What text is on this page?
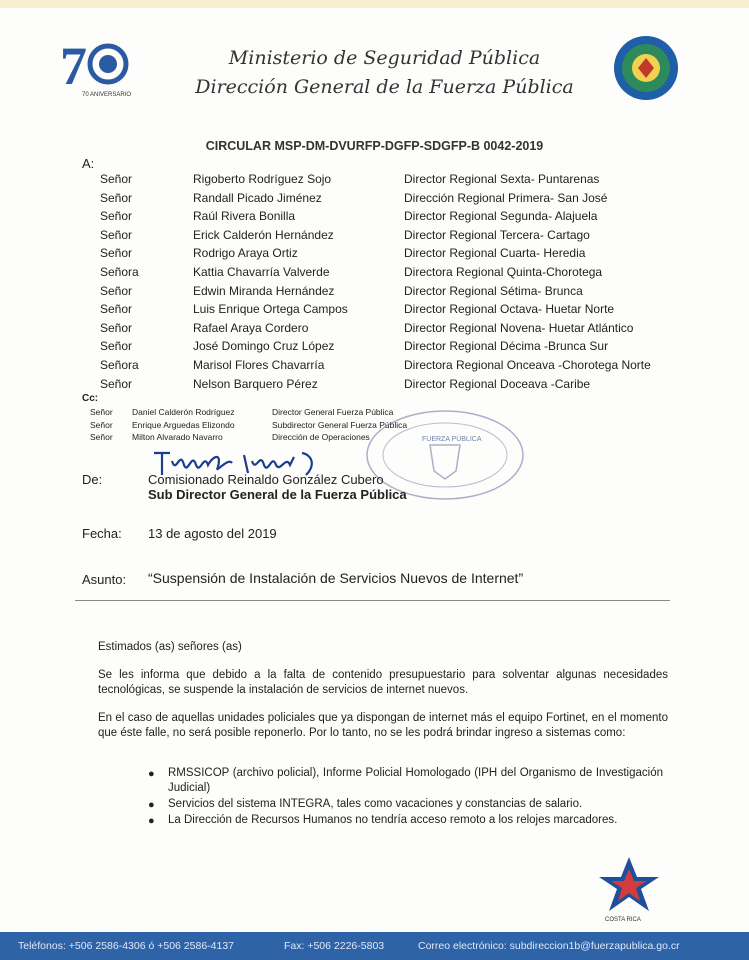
7
70 ANIVERSARIO
Ministerio de Seguridad Pública
Dirección General de la Fuerza Pública
CIRCULAR MSP-DM-DVURFP-DGFP-SDGFP-B 0042-2019
A:
Señor	Rigoberto Rodríguez Sojo	Director Regional Sexta- Puntarenas
Señor	Randall Picado Jiménez	Dirección Regional Primera- San José
Señor	Raúl Rivera Bonilla	Director Regional Segunda- Alajuela
Señor	Erick Calderón Hernández	Director Regional Tercera- Cartago
Señor	Rodrigo Araya Ortiz	Director Regional Cuarta- Heredia
Señora	Kattia Chavarría Valverde	Directora Regional Quinta-Chorotega
Señor	Edwin Miranda Hernández	Director Regional Sétima- Brunca
Señor	Luis Enrique Ortega Campos	Director Regional Octava- Huetar Norte
Señor	Rafael Araya Cordero	Director Regional Novena- Huetar Atlántico
Señor	José Domingo Cruz López	Director Regional Décima -Brunca Sur
Señora	Marisol Flores Chavarría	Directora Regional Onceava -Chorotega Norte
Señor	Nelson Barquero Pérez	Director Regional Doceava -Caribe
Cc:
Señor Daniel Calderón Rodríguez	Director General Fuerza Pública
Señor Enrique Arguedas Elizondo	Subdirector General Fuerza Pública
Señor Milton Alvarado Navarro	Dirección de Operaciones	FUERZA PÚBLICA
De:	Comisionado Reinaldo González Cubero
Sub Director General de la Fuerza Pública
Fecha: 13 de agosto del 2019
Asunto: “Suspensión de Instalación de Servicios Nuevos de Internet”
Estimados (as) señores (as)
Se les informa que debido a la falta de contenido presupuestario para solventar algunas necesidades tecnológicas, se suspende la instalación de servicios de internet nuevos.
En el caso de aquellas unidades policiales que ya dispongan de internet más el equipo Fortinet, en el momento que éste falle, no será posible reponerlo. Por lo tanto, no se les podrá brindar ingreso a sistemas como:
● RMSSICOP (archivo policial), Informe Policial Homologado (IPH del Organismo de Investigación Judicial)
● Servicios del sistema INTEGRA, tales como vacaciones y constancias de salario.
● La Dirección de Recursos Humanos no tendría acceso remoto a los relojes marcadores.
COSTA RICA
Teléfonos: +506 2586-4306 ó +506 2586-4137	Fax: +506 2226-5803	Correo electrónico: subdireccion1b@fuerzapublica.go.cr
